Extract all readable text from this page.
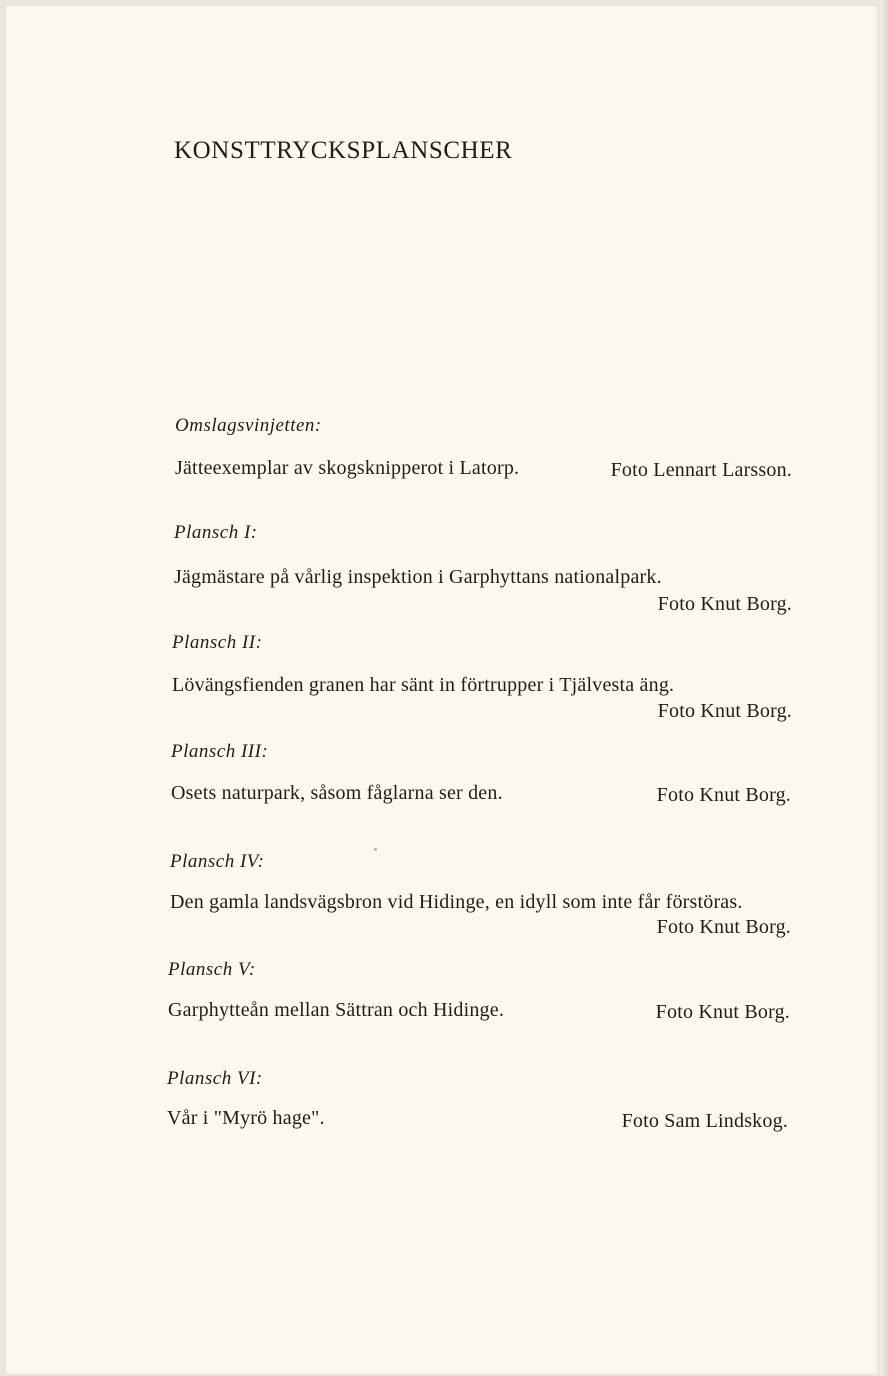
KONSTTRYCKSPLANSCHER
Omslagsvinjetten:
Jätteexemplar av skogsknipperot i Latorp.	Foto Lennart Larsson.
Plansch I:
Jägmästare på vårlig inspektion i Garphyttans nationalpark.
Foto Knut Borg.
Plansch II:
Lövängsfienden granen har sänt in förtrupper i Tjälvesta äng.
Foto Knut Borg.
Plansch III:
Osets naturpark, såsom fåglarna ser den.	Foto Knut Borg.
Plansch IV:
Den gamla landsvägsbron vid Hidinge, en idyll som inte får förstöras.
Foto Knut Borg.
Plansch V:
Garphytteån mellan Sättran och Hidinge.	Foto Knut Borg.
Plansch VI:
Vår i "Myrö hage".	Foto Sam Lindskog.
